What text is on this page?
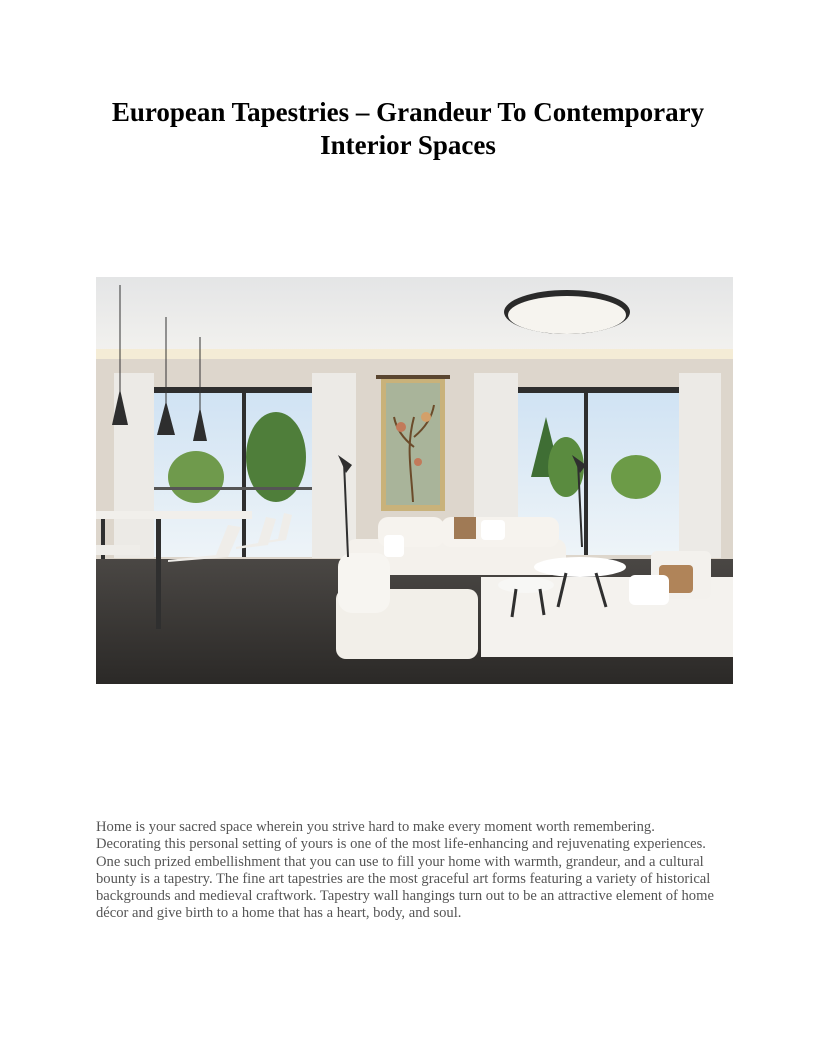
European Tapestries – Grandeur To Contemporary Interior Spaces

Home is your sacred space wherein you strive hard to make every moment worth remembering. Decorating this personal setting of yours is one of the most life-enhancing and rejuvenating experiences. One such prized embellishment that you can use to fill your home with warmth, grandeur, and a cultural bounty is a tapestry. The fine art tapestries are the most graceful art forms featuring a variety of historical backgrounds and medieval craftwork. Tapestry wall hangings turn out to be an attractive element of home décor and give birth to a home that has a heart, body, and soul.
